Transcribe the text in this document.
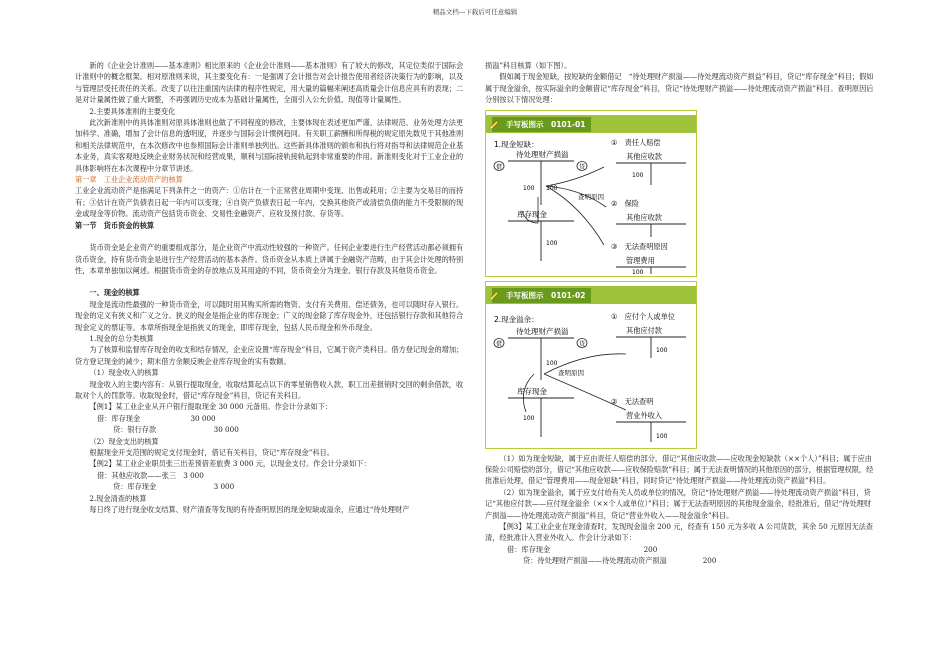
精品文档---下载后可任意编辑

新的《企业会计准则——基本准则》相比原来的《企业会计准则——基本准则》有了较大的修改，其定位类似于国际会计准则中的概念框架。相对原准则来说，其主要变化有：一是强调了会计报告对会计报告使用者经济决策行为的影响，以及与管理层受托责任的关系。改变了以往注重国内法律的程序性规定，用大量的篇幅来阐述高质量会计信息应具有的表现；二是对计量属性做了重大调整，不再强调历史成本为基础计量属性，全面引入公允价值、现值等计量属性。

2.主要具体准则的主要变化

此次新准则中的具体准则对原具体准则也做了不同程度的修改，主要体现在表述更加严谨、法律规范、业务处理方法更加科学、准确，增加了会计信息的透明度，并逐步与国际会计惯例趋同。有关职工薪酬和所得税的规定原先数见于其他准则和相关法律规范中，在本次修改中也参照国际会计准则单独列出。这些新具体准则的颁布和执行将对指导和法律规范企业基本业务，真实客观地反映企业财务状况和经营成果，顺利与国际接轨接轨起到非常重要的作用。新准则变化对于工业企业的具体影响将在本次课程中分章节讲述。

第一章　工业企业流动资产的核算

工业企业流动资产是指满足下列条件之一的资产：①估计在一个正常营业周期中变现、出售或耗用；②主要为交易目的而持有；③估计在资产负债表日起一年内可以变现；④自资产负债表日起一年内，交换其他资产或清偿负债的能力不受限制的现金或现金等价物。流动资产包括货币资金、交易性金融资产、应收及预付款、存货等。

第一节　货币资金的核算

货币资金是企业资产的重要组成部分，是企业资产中流动性较强的一种资产。任何企业要进行生产经营活动都必须拥有货币资金，持有货币资金是进行生产经营活动的基本条件。货币资金从本质上讲属于金融资产范畴，由于其会计处理的特别性，本章单独加以阐述。根据货币资金的存放地点及其用途的不同，货币资金分为现金、银行存款及其他货币资金。

一、现金的核算

现金是流动性最强的一种货币资金，可以随时用其购买所需的物资、支付有关费用、偿还债务，也可以随时存入银行。现金的定义有狭义和广义之分。狭义的现金是指企业的库存现金；广义的现金除了库存现金外，还包括银行存款和其他符合现金定义的票证等。本章所指现金是指狭义的现金，即库存现金，包括人民币现金和外币现金。

1.现金的总分类核算

为了核算和监督库存现金的收支和结存情况，企业应设置“库存现金”科目，它属于资产类科目。借方登记现金的增加；贷方登记现金的减少；期末借方余额反映企业库存现金的实有数额。

（1）现金收入的核算

现金收入的主要内容有：从银行提取现金，收取结算起点以下的零星销售收入款，职工出差报销时交回的剩余借款，收取对个人的罚款等。收取现金时，借记“库存现金”科目，贷记有关科目。

【例1】某工业企业从开户银行提取现金 30 000 元备用。作会计分录如下：

借：库存现金　　　　　　　30 000

贷：银行存款　　　　　　　　30 000

（2）现金支出的核算

根据现金开支范围的规定支付现金时，借记有关科目，贷记“库存现金”科目。

【例2】某工业企业职员张三出差预借差旅费 3 000 元，以现金支付。作会计分录如下：

借：其他应收款——张三　3 000

贷：库存现金　　　　　　　　3 000

2.现金清查的核算

每日终了进行现金收支结算、财产清查等发现的有待查明原因的现金短缺或溢余，应通过“待处理财产

损溢”科目核算（如下图）。

假如属于现金短缺，按短缺的金额借记　“待处理财产损溢——待处理流动资产损益”科目，贷记“库存现金”科目；假如属于现金溢余，按实际溢余的金额借记“库存现金”科目，贷记“待处理财产损溢——待处理流动资产损溢”科目。查明原因后分别按以下情况处理：

手写板图示　0101-01
1.现金短缺：
待处理财产损溢
借	贷
100 100
库存现金
100
查明原因
①　责任人赔偿
其他应收款
100
②　保险
其他应收款
③　无法查明原因
管理费用
100
手写板图示　0101-02
2.现金溢余：
待处理财产损溢
借	贷
100
库存现金
100
查明原因
①　应付个人或单位
其他应付款
100
②　无法查明
营业外收入
100

（1）如为现金短缺，属于应由责任人赔偿的部分，借记“其他应收款——应收现金短缺款（××个人）”科目；属于应由保险公司赔偿的部分，借记“其他应收款——应收保险赔款”科目；属于无法查明情况的其他原因的部分，根据管理权限，经批准后处理，借记“管理费用——现金短缺”科目，同时贷记“待处理财产损溢——待处理流动资产损溢”科目。

（2）如为现金溢余，属于应支付给有关人员或单位的情况，贷记“待处理财产损溢——待处理流动资产损溢”科目，贷记“其他应付款——应付现金溢余（××个人或单位）”科目；属于无法查明原因的其他现金溢余，经批准后，借记“待处理财产损溢——待处理流动资产损溢”科目，贷记“营业外收入——现金溢余”科目。

【例3】某工业企业在现金清查时，发现现金溢余 200 元，经查有 150 元为多收 A 公司货款，其余 50 元原因无法查清，经批准计入营业外收入。作会计分录如下：

借：库存现金　　　　　　　　　　　　　200

贷：待处理财产损溢——待处理流动资产损溢　　　　　200
